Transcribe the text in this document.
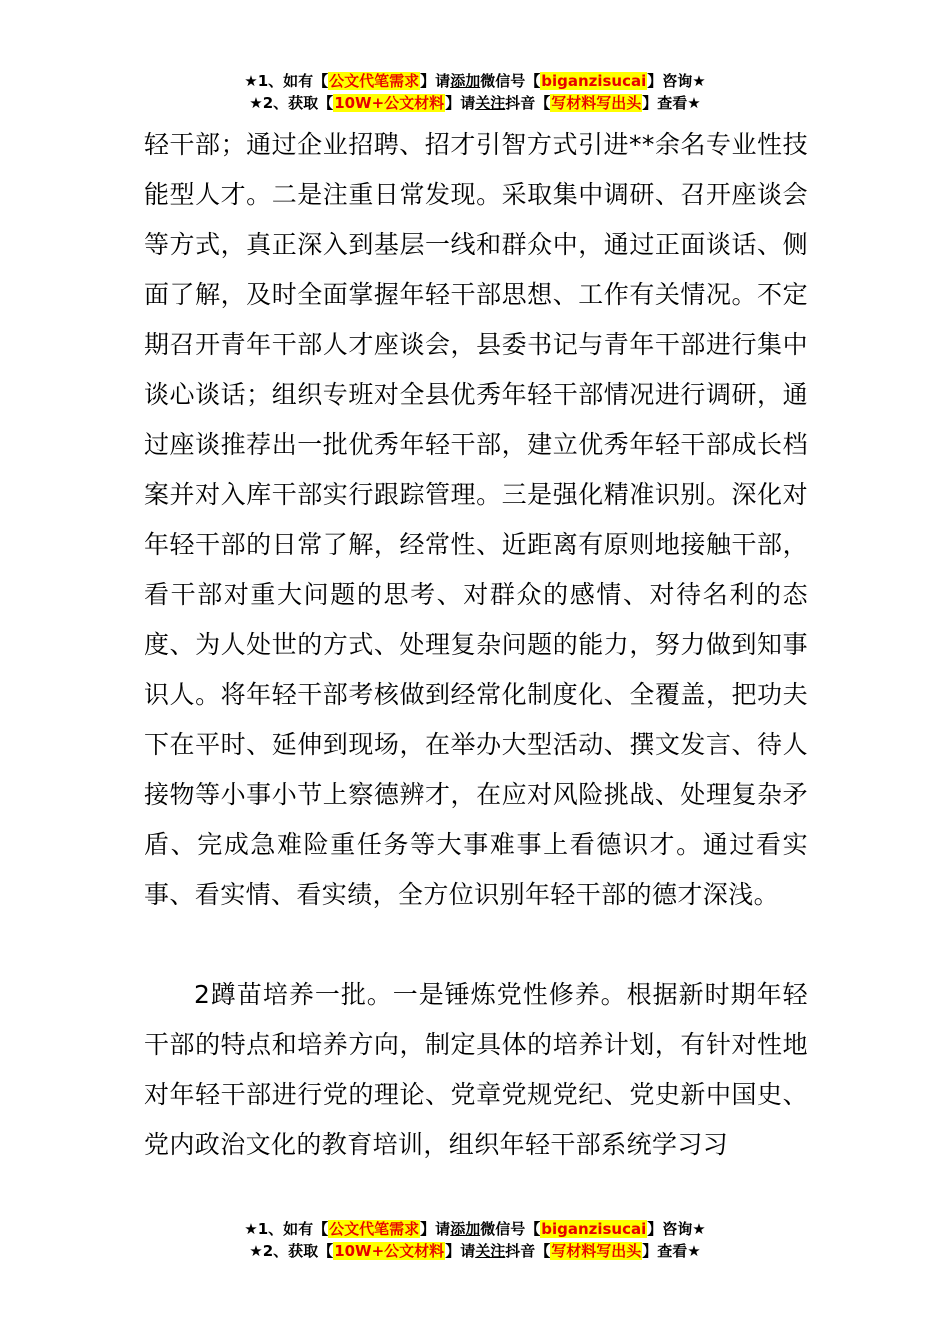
★1、如有【公文代笔需求】请添加微信号【biganzisucai】咨询★
★2、获取【10W+公文材料】请关注抖音【写材料写出头】查看★

轻干部；通过企业招聘、招才引智方式引进**余名专业性技能型人才。二是注重日常发现。采取集中调研、召开座谈会等方式，真正深入到基层一线和群众中，通过正面谈话、侧面了解，及时全面掌握年轻干部思想、工作有关情况。不定期召开青年干部人才座谈会，县委书记与青年干部进行集中谈心谈话；组织专班对全县优秀年轻干部情况进行调研，通过座谈推荐出一批优秀年轻干部，建立优秀年轻干部成长档案并对入库干部实行跟踪管理。三是强化精准识别。深化对年轻干部的日常了解，经常性、近距离有原则地接触干部，看干部对重大问题的思考、对群众的感情、对待名利的态度、为人处世的方式、处理复杂问题的能力，努力做到知事识人。将年轻干部考核做到经常化制度化、全覆盖，把功夫下在平时、延伸到现场，在举办大型活动、撰文发言、待人接物等小事小节上察德辨才，在应对风险挑战、处理复杂矛盾、完成急难险重任务等大事难事上看德识才。通过看实事、看实情、看实绩，全方位识别年轻干部的德才深浅。

2蹲苗培养一批。一是锤炼党性修养。根据新时期年轻干部的特点和培养方向，制定具体的培养计划，有针对性地对年轻干部进行党的理论、党章党规党纪、党史新中国史、党内政治文化的教育培训，组织年轻干部系统学习习

★1、如有【公文代笔需求】请添加微信号【biganzisucai】咨询★
★2、获取【10W+公文材料】请关注抖音【写材料写出头】查看★
